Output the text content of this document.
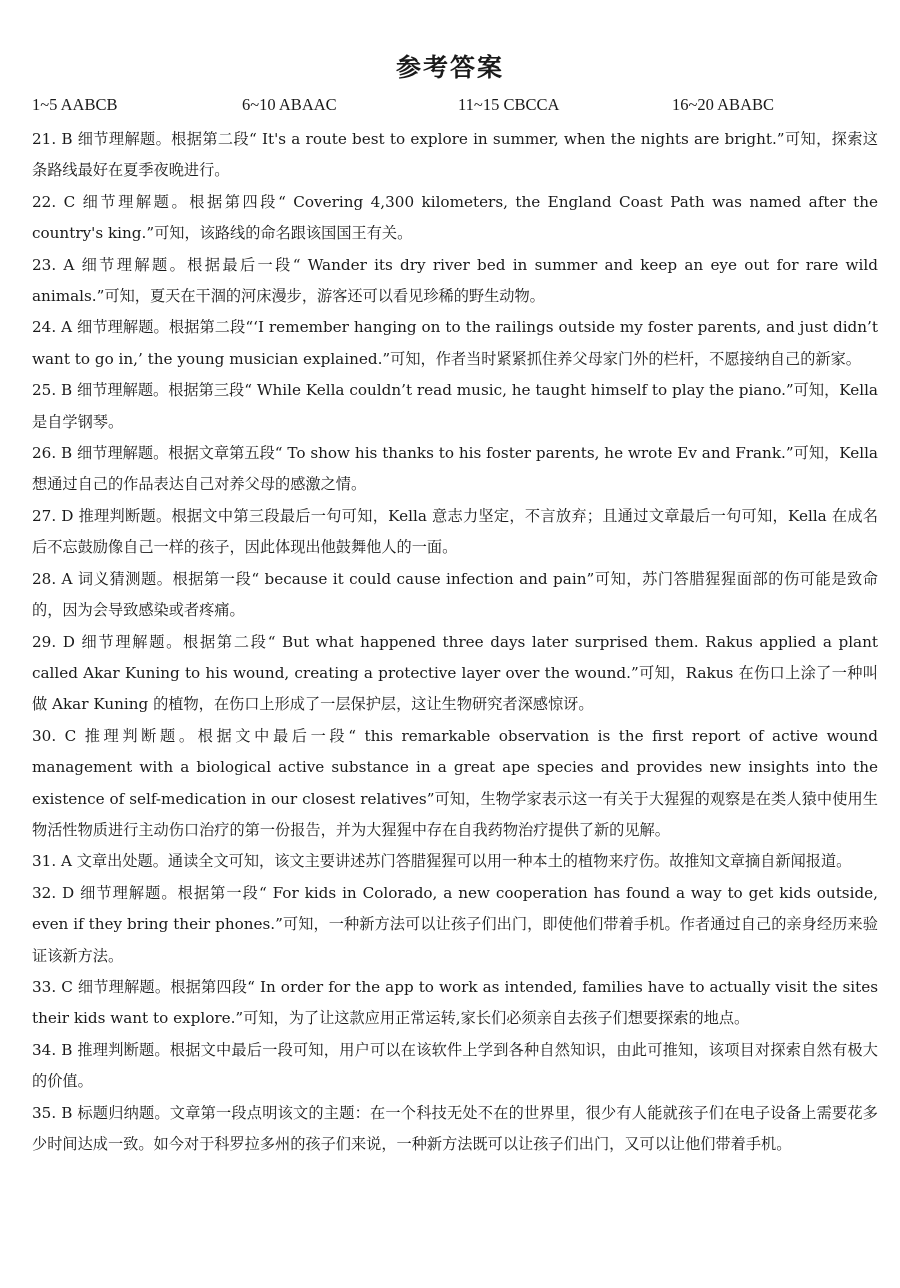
参考答案
1~5 AABCB	6~10 ABAAC	11~15 CBCCA	16~20 ABABC

21. B 细节理解题。根据第二段“ It's a route best to explore in summer, when the nights are bright.”可知，探索这条路线最好在夏季夜晚进行。

22. C 细节理解题。根据第四段“ Covering 4,300 kilometers, the England Coast Path was named after the country's king.”可知，该路线的命名跟该国国王有关。

23. A 细节理解题。根据最后一段“ Wander its dry river bed in summer and keep an eye out for rare wild animals.”可知，夏天在干涸的河床漫步，游客还可以看见珍稀的野生动物。

24. A 细节理解题。根据第二段“‘I remember hanging on to the railings outside my foster parents, and just didn’t want to go in,’ the young musician explained.”可知，作者当时紧紧抓住养父母家门外的栏杆，不愿接纳自己的新家。

25. B 细节理解题。根据第三段“ While Kella couldn’t read music, he taught himself to play the piano.”可知，Kella 是自学钢琴。

26. B 细节理解题。根据文章第五段“ To show his thanks to his foster parents, he wrote Ev and Frank.”可知，Kella 想通过自己的作品表达自己对养父母的感激之情。

27. D 推理判断题。根据文中第三段最后一句可知，Kella 意志力坚定，不言放弃；且通过文章最后一句可知，Kella 在成名后不忘鼓励像自己一样的孩子，因此体现出他鼓舞他人的一面。

28. A 词义猜测题。根据第一段“ because it could cause infection and pain”可知，苏门答腊猩猩面部的伤可能是致命的，因为会导致感染或者疼痛。

29. D 细节理解题。根据第二段“ But what happened three days later surprised them. Rakus applied a plant called Akar Kuning to his wound, creating a protective layer over the wound.”可知，Rakus 在伤口上涂了一种叫做 Akar Kuning 的植物，在伤口上形成了一层保护层，这让生物研究者深感惊讶。

30. C 推理判断题。根据文中最后一段“ this remarkable observation is the first report of active wound management with a biological active substance in a great ape species and provides new insights into the existence of self-medication in our closest relatives”可知，生物学家表示这一有关于大猩猩的观察是在类人猿中使用生物活性物质进行主动伤口治疗的第一份报告，并为大猩猩中存在自我药物治疗提供了新的见解。

31. A 文章出处题。通读全文可知，该文主要讲述苏门答腊猩猩可以用一种本土的植物来疗伤。故推知文章摘自新闻报道。

32. D 细节理解题。根据第一段“ For kids in Colorado, a new cooperation has found a way to get kids outside, even if they bring their phones.”可知，一种新方法可以让孩子们出门，即使他们带着手机。作者通过自己的亲身经历来验证该新方法。

33. C 细节理解题。根据第四段“ In order for the app to work as intended, families have to actually visit the sites their kids want to explore.”可知，为了让这款应用正常运转,家长们必须亲自去孩子们想要探索的地点。

34. B 推理判断题。根据文中最后一段可知，用户可以在该软件上学到各种自然知识，由此可推知，该项目对探索自然有极大的价值。

35. B 标题归纳题。文章第一段点明该文的主题：在一个科技无处不在的世界里，很少有人能就孩子们在电子设备上需要花多少时间达成一致。如今对于科罗拉多州的孩子们来说，一种新方法既可以让孩子们出门，又可以让他们带着手机。
